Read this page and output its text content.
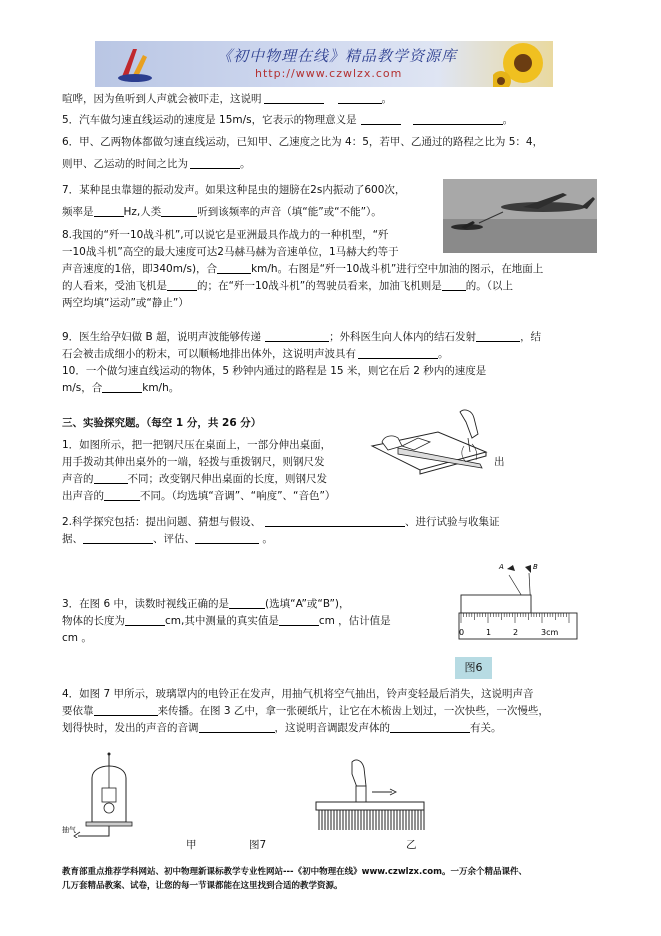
《初中物理在线》精品教学资源库
http://www.czwlzx.com
喧哗，因为鱼听到人声就会被吓走，这说明	。
5．汽车做匀速直线运动的速度是 15m/s，它表示的物理意义是	。
6．甲、乙两物体都做匀速直线运动，已知甲、乙速度之比为 4：5，若甲、乙通过的路程之比为 5：4，
则甲、乙运动的时间之比为	。
7．某种昆虫靠翅的振动发声。如果这种昆虫的翅膀在2s内振动了600次，
频率是	Hz,人类	听到该频率的声音（填“能”或“不能”）。
8.我国的“歼一10战斗机”,可以说它是亚洲最具作战力的一种机型，“歼
一10战斗机”高空的最大速度可达2马赫马赫为音速单位，1马赫大约等于
声音速度的1倍，即340m/s)，合	km/h。右图是“歼一10战斗机”进行空中加油的图示，在地面上
的人看来，受油飞机是	的；在“歼一10战斗机”的驾驶员看来，加油飞机则是 的。（以上
两空均填“运动”或“静止”）
9．医生给孕妇做 B 超，说明声波能够传递	；外科医生向人体内的结石发射	，结
石会被击成细小的粉末，可以顺畅地排出体外，这说明声波具有	。
10．一个做匀速直线运动的物体，5 秒钟内通过的路程是 15 米，则它在后 2 秒内的速度是
m/s，合	km/h。
三、实验探究题。（每空 1 分，共 26 分）
1．如图所示，把一把钢尺压在桌面上，一部分伸出桌面，
用手拨动其伸出桌外的一端，轻拨与重拨钢尺，则钢尺发
声音的	不同；改变钢尺伸出桌面的长度，则钢尺发
出
出声音的	不同。（均选填“音调”、“响度”、“音色”）
2.科学探究包括：提出问题、猜想与假设、	、进行试验与收集证
据、	、评估、	。
A	B
0	1	2	3cm
3．在图 6 中，读数时视线正确的是	(选填“A”或“B”)，
物体的长度为	cm,其中测量的真实值是	cm ，估计值是
cm 。
图6
4．如图 7 甲所示，玻璃罩内的电铃正在发声，用抽气机将空气抽出，铃声变轻最后消失，这说明声音
要依靠	来传播。在图 3 乙中，拿一张硬纸片，让它在木梳齿上划过，一次快些，一次慢些，
划得快时，发出的声音的音调	，这说明音调跟发声体的	有关。
抽气
甲	图7	乙
教育部重点推荐学科网站、初中物理新课标教学专业性网站---《初中物理在线》www.czwlzx.com。一万余个精品课件、
几万套精品教案、试卷，让您的每一节课都能在这里找到合适的教学资源。
